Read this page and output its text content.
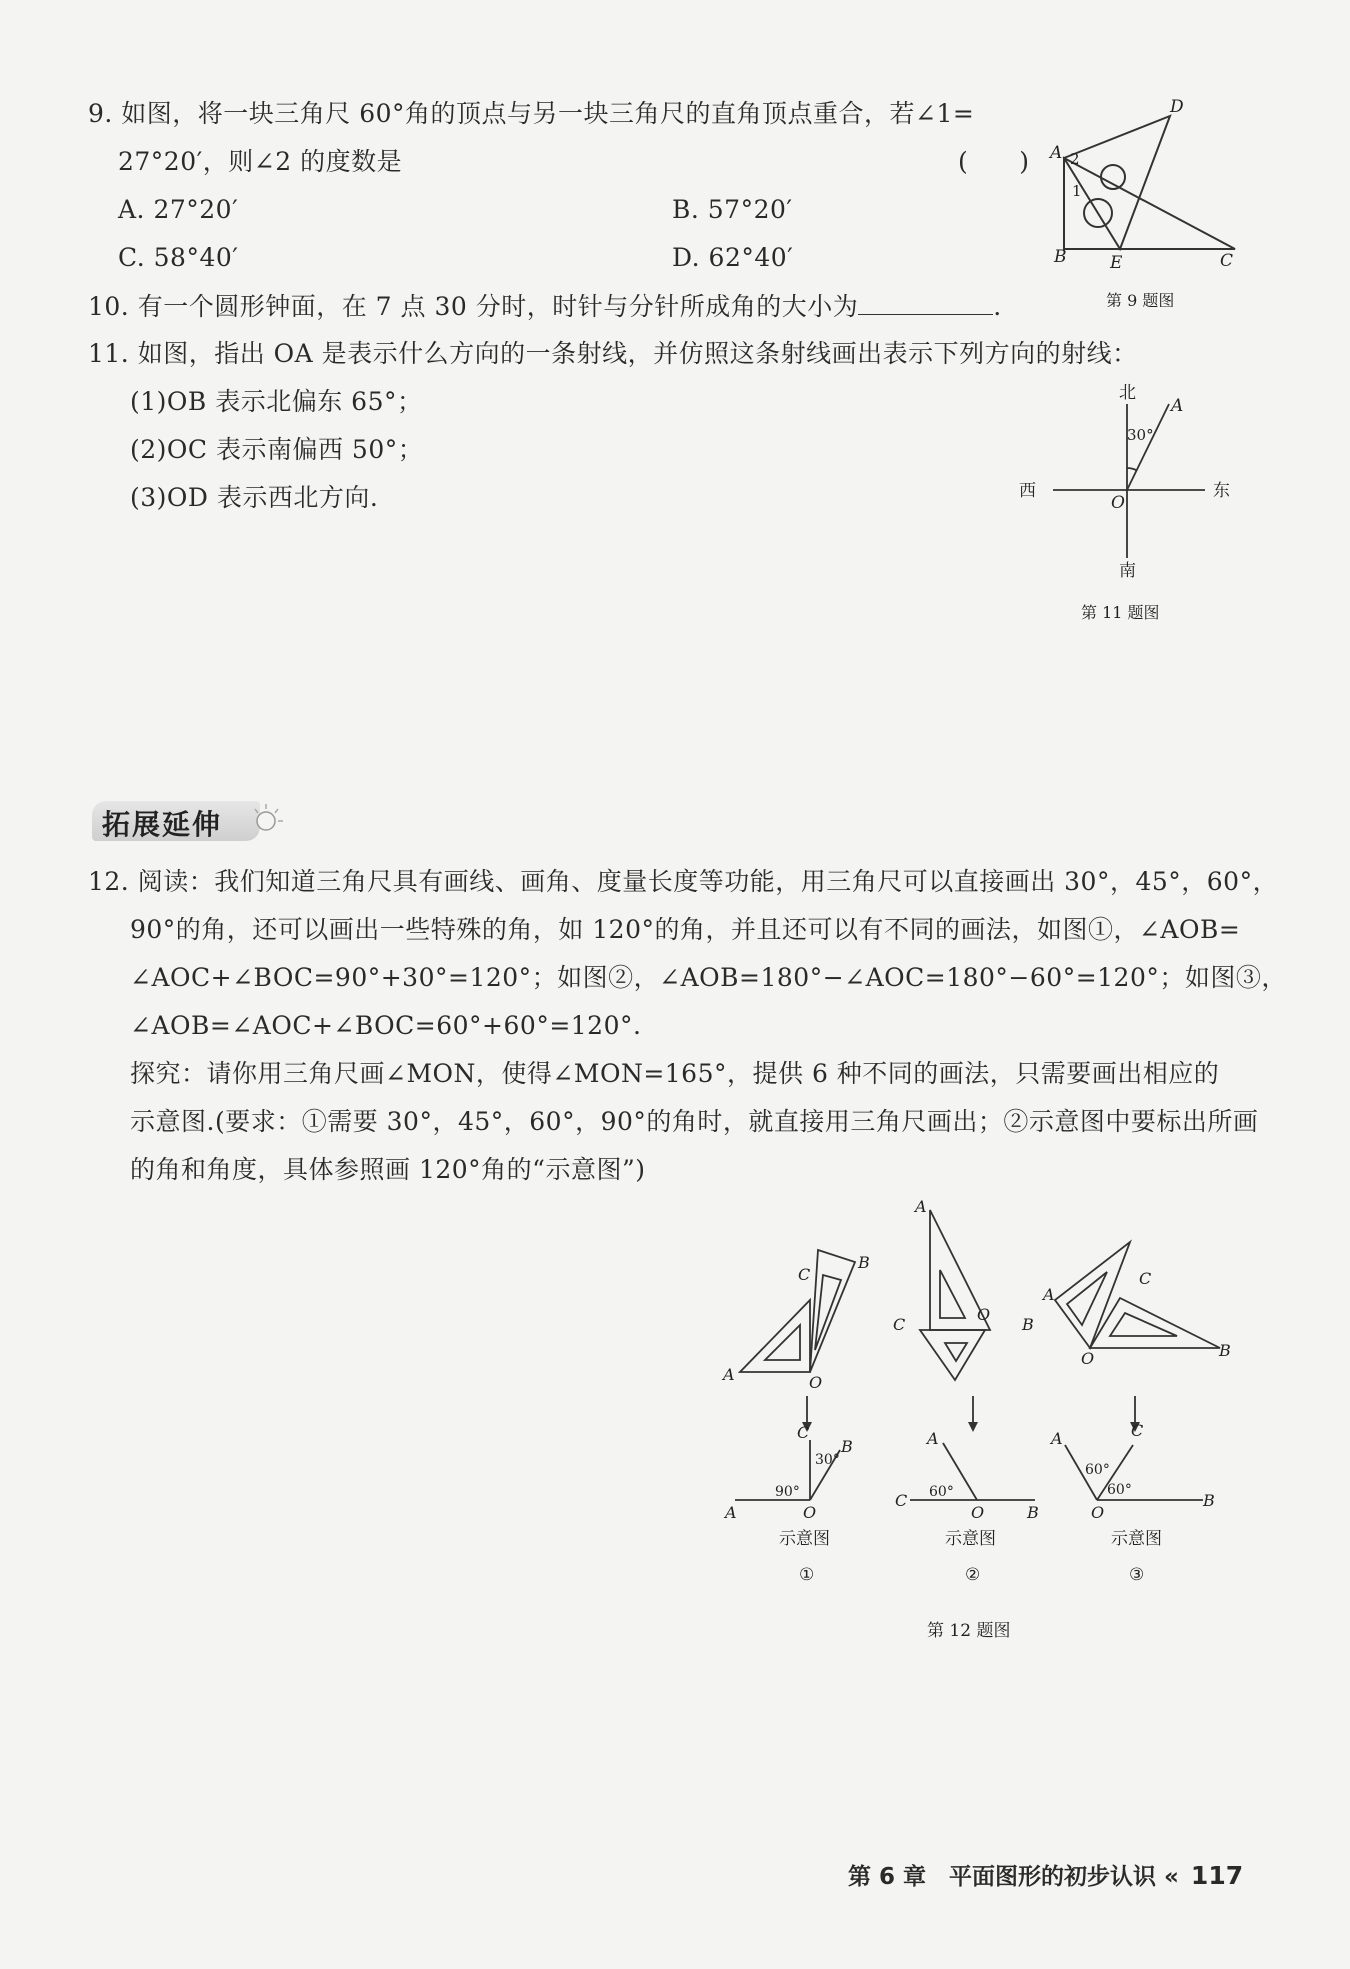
9. 如图，将一块三角尺 60°角的顶点与另一块三角尺的直角顶点重合，若∠1=
27°20′，则∠2 的度数是	(　　)
A. 27°20′	B. 57°20′
C. 58°40′	D. 62°40′
D
A 2
1
B	E	C
第 9 题图
10. 有一个圆形钟面，在 7 点 30 分时，时针与分针所成角的大小为	.
11. 如图，指出 OA 是表示什么方向的一条射线，并仿照这条射线画出表示下列方向的射线：
(1)OB 表示北偏东 65°；
(2)OC 表示南偏西 50°；
(3)OD 表示西北方向.
北
A
30°
西	东
O
南
第 11 题图
拓展延伸
12. 阅读：我们知道三角尺具有画线、画角、度量长度等功能，用三角尺可以直接画出 30°，45°，60°，
90°的角，还可以画出一些特殊的角，如 120°的角，并且还可以有不同的画法，如图①，∠AOB=
∠AOC+∠BOC=90°+30°=120°；如图②，∠AOB=180°−∠AOC=180°−60°=120°；如图③，
∠AOB=∠AOC+∠BOC=60°+60°=120°.
探究：请你用三角尺画∠MON，使得∠MON=165°，提供 6 种不同的画法，只需要画出相应的
示意图.(要求：①需要 30°，45°，60°，90°的角时，就直接用三角尺画出；②示意图中要标出所画
的角和角度，具体参照画 120°角的“示意图”)
A	O
C
B
A
C
O
B
A
C
O	B
C
B
A	O
A
C
O	B
A	C
O
B
30°
90°	60°
60°
60°
示意图	示意图	示意图
①	②	③
第 12 题图
第 6 章　平面图形的初步认识 « 117
